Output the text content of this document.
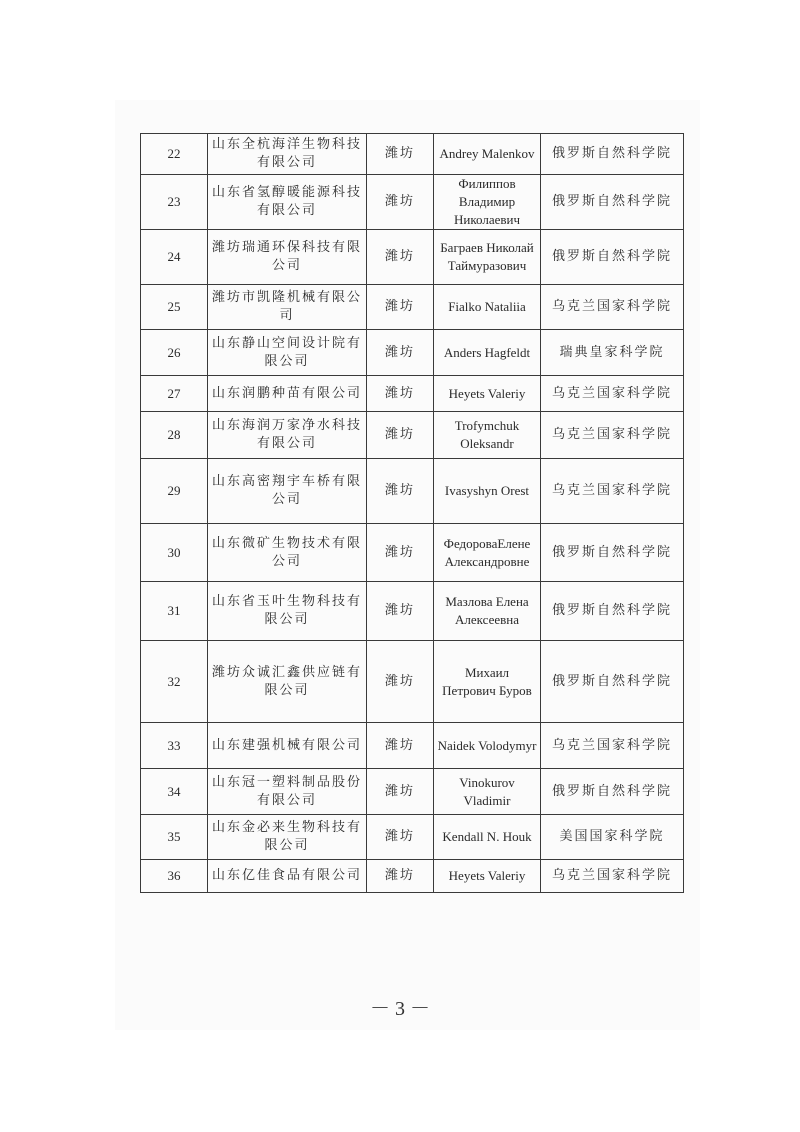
22	山东全杭海洋生物科技有限公司	潍坊	Andrey Malenkov	俄罗斯自然科学院
23	山东省氢醇暖能源科技有限公司	潍坊	Филиппов Владимир Николаевич	俄罗斯自然科学院
24	潍坊瑞通环保科技有限公司	潍坊	Баграев Николай Таймуразович	俄罗斯自然科学院
25	潍坊市凯隆机械有限公司	潍坊	Fialko Nataliia	乌克兰国家科学院
26	山东静山空间设计院有限公司	潍坊	Anders Hagfeldt	瑞典皇家科学院
27	山东润鹏种苗有限公司	潍坊	Heyets Valeriy	乌克兰国家科学院
28	山东海润万家净水科技有限公司	潍坊	Trofymchuk Oleksandr	乌克兰国家科学院
29	山东高密翔宇车桥有限公司	潍坊	Ivasyshyn Orest	乌克兰国家科学院
30	山东微矿生物技术有限公司	潍坊	ФедороваЕлене Александровне	俄罗斯自然科学院
31	山东省玉叶生物科技有限公司	潍坊	Мазлова Елена Алексеевна	俄罗斯自然科学院
32	潍坊众诚汇鑫供应链有限公司	潍坊	Михаил Петрович Буров	俄罗斯自然科学院
33	山东建强机械有限公司	潍坊	Naidek Volodymyr	乌克兰国家科学院
34	山东冠一塑料制品股份有限公司	潍坊	Vinokurov Vladimir	俄罗斯自然科学院
35	山东金必来生物科技有限公司	潍坊	Kendall N. Houk	美国国家科学院
36	山东亿佳食品有限公司	潍坊	Heyets Valeriy	乌克兰国家科学院
－ 3 －
